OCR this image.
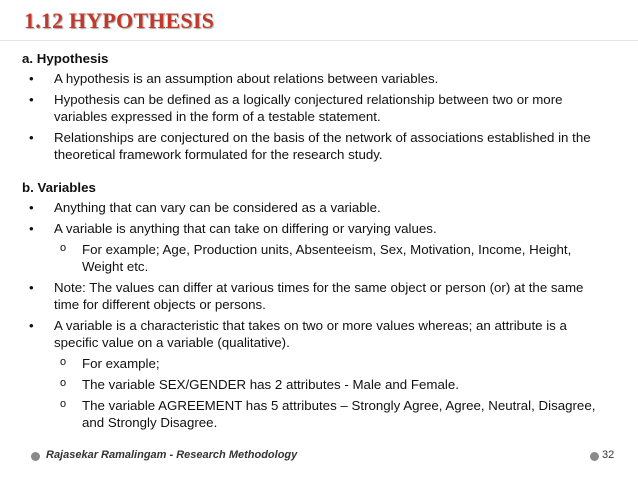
1.12 HYPOTHESIS
a. Hypothesis
• A hypothesis is an assumption about relations between variables.
• Hypothesis can be defined as a logically conjectured relationship between two or more variables expressed in the form of a testable statement.
• Relationships are conjectured on the basis of the network of associations established in the theoretical framework formulated for the research study.
b. Variables
• Anything that can vary can be considered as a variable.
• A variable is anything that can take on differing or varying values.
o For example; Age, Production units, Absenteeism, Sex, Motivation, Income, Height, Weight etc.
• Note: The values can differ at various times for the same object or person (or) at the same time for different objects or persons.
• A variable is a characteristic that takes on two or more values whereas; an attribute is a specific value on a variable (qualitative).
o For example;
o The variable SEX/GENDER has 2 attributes - Male and Female.
o The variable AGREEMENT has 5 attributes – Strongly Agree, Agree, Neutral, Disagree, and Strongly Disagree.
Rajasekar Ramalingam - Research Methodology	32
